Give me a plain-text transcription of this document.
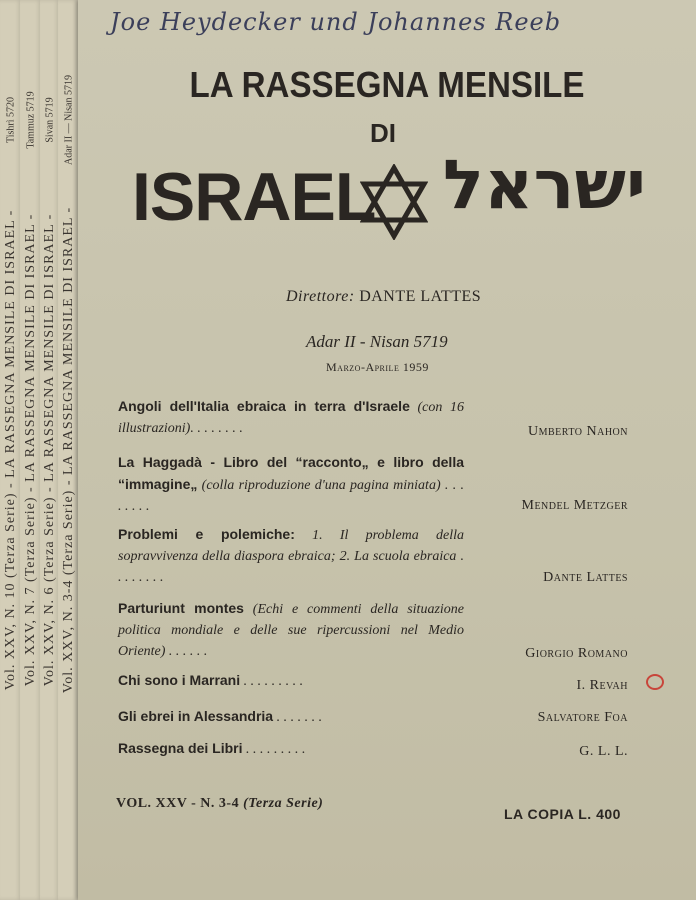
Vol. XXV, N. 10 (Terza Serie) - LA RASSEGNA MENSILE DI ISRAEL -
Tishrì 5720
Vol. XXV, N. 7 (Terza Serie) - LA RASSEGNA MENSILE DI ISRAEL -
Tammuz 5719
Vol. XXV, N. 6 (Terza Serie) - LA RASSEGNA MENSILE DI ISRAEL -
Sivan 5719
Vol. XXV, N. 3-4 (Terza Serie) - LA RASSEGNA MENSILE DI ISRAEL -
Adar II — Nisan 5719
Joe Heydecker und Johannes Reeb
LA RASSEGNA MENSILE
DI
ISRAEL ישראל
Direttore: DANTE LATTES
Adar II - Nisan 5719
Marzo-Aprile 1959
Angoli dell'Italia ebraica in terra d'Israele (con 16 illustrazioni). . . . . . . .	Umberto Nahon
La Haggadà - Libro del “racconto„ e libro della “immagine„ (colla riproduzione d'una pagina miniata) . . . . . . . .	Mendel Metzger
Problemi e polemiche: 1. Il problema della sopravvivenza della diaspora ebraica; 2. La scuola ebraica . . . . . . . .	Dante Lattes
Parturiunt montes (Echi e commenti della situazione politica mondiale e delle sue ripercussioni nel Medio Oriente) . . . . . .	Giorgio Romano
Chi sono i Marrani . . . . . . . . .	I. Revah
Gli ebrei in Alessandria . . . . . . .	Salvatore Foa
Rassegna dei Libri . . . . . . . . .	G. L. L.
VOL. XXV - N. 3-4 (Terza Serie)
LA COPIA L. 400
